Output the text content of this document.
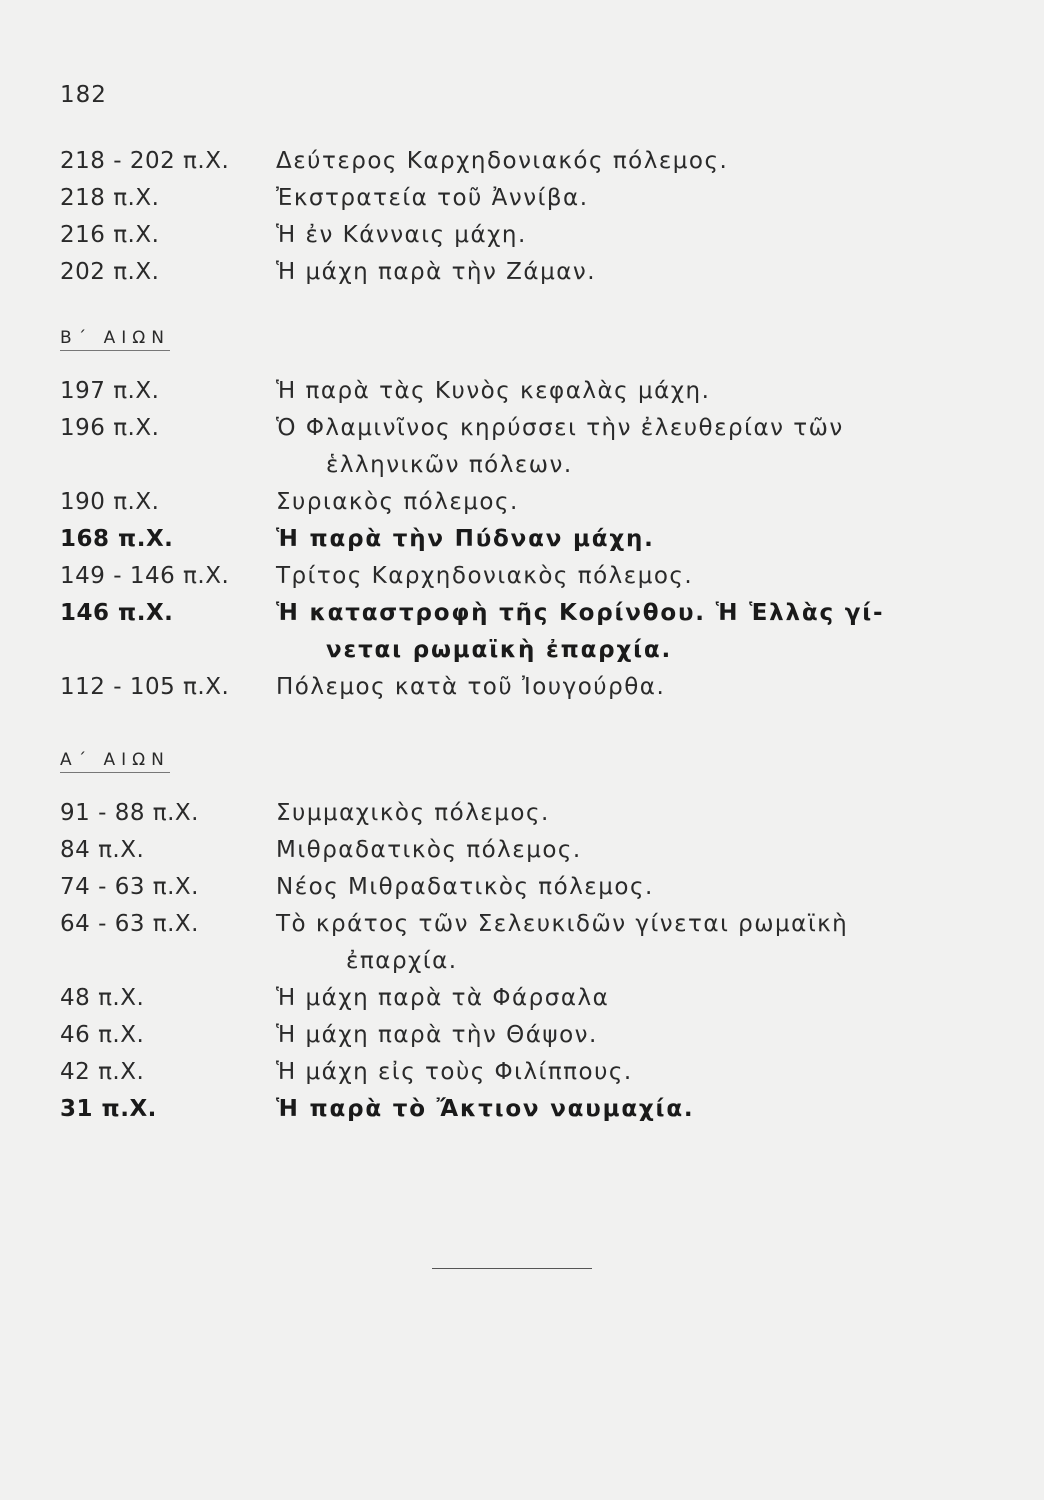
182
218 - 202 π.Χ.	Δεύτερος Καρχηδονιακός πόλεμος.
218 π.Χ.	Ἐκστρατεία τοῦ Ἀννίβα.
216 π.Χ.	Ἡ ἐν Κάνναις μάχη.
202 π.Χ.	Ἡ μάχη παρὰ τὴν Ζάμαν.
Β΄ ΑΙΩΝ
197 π.Χ.	Ἡ παρὰ τὰς Κυνὸς κεφαλὰς μάχη.
196 π.Χ.	Ὁ Φλαμινῖνος κηρύσσει τὴν ἐλευθερίαν τῶν
ἑλληνικῶν πόλεων.
190 π.Χ.	Συριακὸς πόλεμος.
168 π.Χ.	Ἡ παρὰ τὴν Πύδναν μάχη.
149 - 146 π.Χ.	Τρίτος Καρχηδονιακὸς πόλεμος.
146 π.Χ.	Ἡ καταστροφὴ τῆς Κορίνθου. Ἡ Ἑλλὰς γί-
νεται ρωμαϊκὴ ἐπαρχία.
112 - 105 π.Χ.	Πόλεμος κατὰ τοῦ Ἰουγούρθα.
Α΄ ΑΙΩΝ
91 - 88 π.Χ.	Συμμαχικὸς πόλεμος.
84 π.Χ.	Μιθραδατικὸς πόλεμος.
74 - 63 π.Χ.	Νέος Μιθραδατικὸς πόλεμος.
64 - 63 π.Χ.	Τὸ κράτος τῶν Σελευκιδῶν γίνεται ρωμαϊκὴ
ἐπαρχία.
48 π.Χ.	Ἡ μάχη παρὰ τὰ Φάρσαλα
46 π.Χ.	Ἡ μάχη παρὰ τὴν Θάψον.
42 π.Χ.	Ἡ μάχη εἰς τοὺς Φιλίππους.
31 π.Χ.	Ἡ παρὰ τὸ Ἄκτιον ναυμαχία.
